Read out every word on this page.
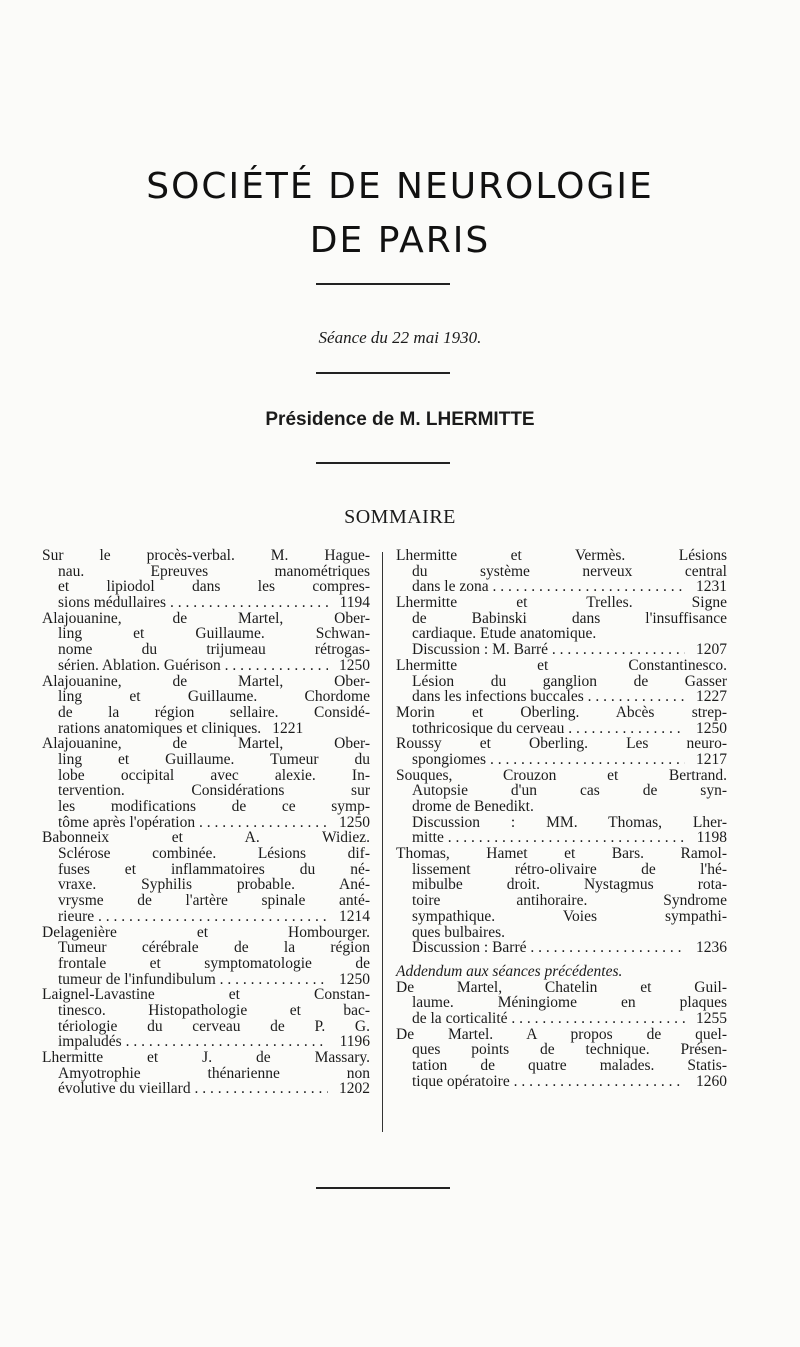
SOCIÉTÉ DE NEUROLOGIE
DE PARIS
Séance du 22 mai 1930.
Présidence de M. LHERMITTE
SOMMAIRE
Sur le procès-verbal. M. Hague-
nau. Epreuves manométriques
et lipiodol dans les compres-
sions médullaires . . .	1194
Alajouanine, de Martel, Ober-
ling et Guillaume. Schwan-
nome du trijumeau rétrogas-
sérien. Ablation. Guérison . . .	1250
Alajouanine, de Martel, Ober-
ling et Guillaume. Chordome
de la région sellaire. Considé-
rations anatomiques et cliniques. 1221
Alajouanine, de Martel, Ober-
ling et Guillaume. Tumeur du
lobe occipital avec alexie. In-
tervention. Considérations sur
les modifications de ce symp-
tôme après l'opération . . .	1250
Babonneix et A. Widiez.
Sclérose combinée. Lésions dif-
fuses et inflammatoires du né-
vraxe. Syphilis probable. Ané-
vrysme de l'artère spinale anté-
rieure . . .	1214
Delagenière et Hombourger.
Tumeur cérébrale de la région
frontale et symptomatologie de
tumeur de l'infundibulum . . .	1250
Laignel-Lavastine et Constan-
tinesco. Histopathologie et bac-
tériologie du cerveau de P. G.
impaludés . . .	1196
Lhermitte et J. de Massary.
Amyotrophie thénarienne non
évolutive du vieillard . . .	1202
Lhermitte et Vermès. Lésions
du système nerveux central
dans le zona . . .	1231
Lhermitte et Trelles. Signe
de Babinski dans l'insuffisance
cardiaque. Etude anatomique.
Discussion : M. Barré . . .	1207
Lhermitte et Constantinesco.
Lésion du ganglion de Gasser
dans les infections buccales . . .	1227
Morin et Oberling. Abcès strep-
tothricosique du cerveau . . .	1250
Roussy et Oberling. Les neuro-
spongiomes . . .	1217
Souques, Crouzon et Bertrand.
Autopsie d'un cas de syn-
drome de Benedikt.
Discussion : MM. Thomas, Lher-
mitte . . .	1198
Thomas, Hamet et Bars. Ramol-
lissement rétro-olivaire de l'hé-
mibulbe droit. Nystagmus rota-
toire antihoraire. Syndrome
sympathique. Voies sympathi-
ques bulbaires.
Discussion : Barré . . .	1236
Addendum aux séances précédentes.
De Martel, Chatelin et Guil-
laume. Méningiome en plaques
de la corticalité . . .	1255
De Martel. A propos de quel-
ques points de technique. Présen-
tation de quatre malades. Statis-
tique opératoire . . .	1260
